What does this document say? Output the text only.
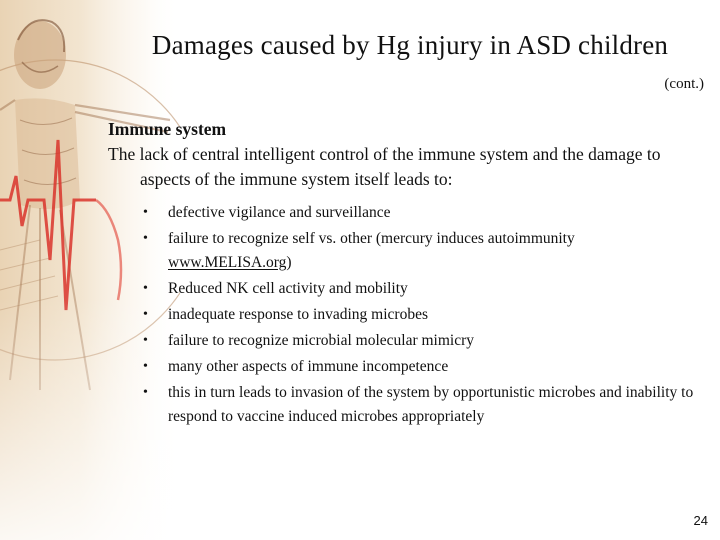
Damages caused by Hg injury in ASD children
(cont.)
Immune system
The lack of central intelligent control of the immune system and the damage to aspects of the immune system itself leads to:
• defective vigilance and surveillance
• failure to recognize self vs. other (mercury induces autoimmunity www.MELISA.org)
• Reduced NK cell activity and mobility
• inadequate response to invading microbes
• failure to recognize microbial molecular mimicry
• many other aspects of immune incompetence
• this in turn leads to invasion of the system by opportunistic microbes and inability to respond to vaccine induced microbes appropriately
24
